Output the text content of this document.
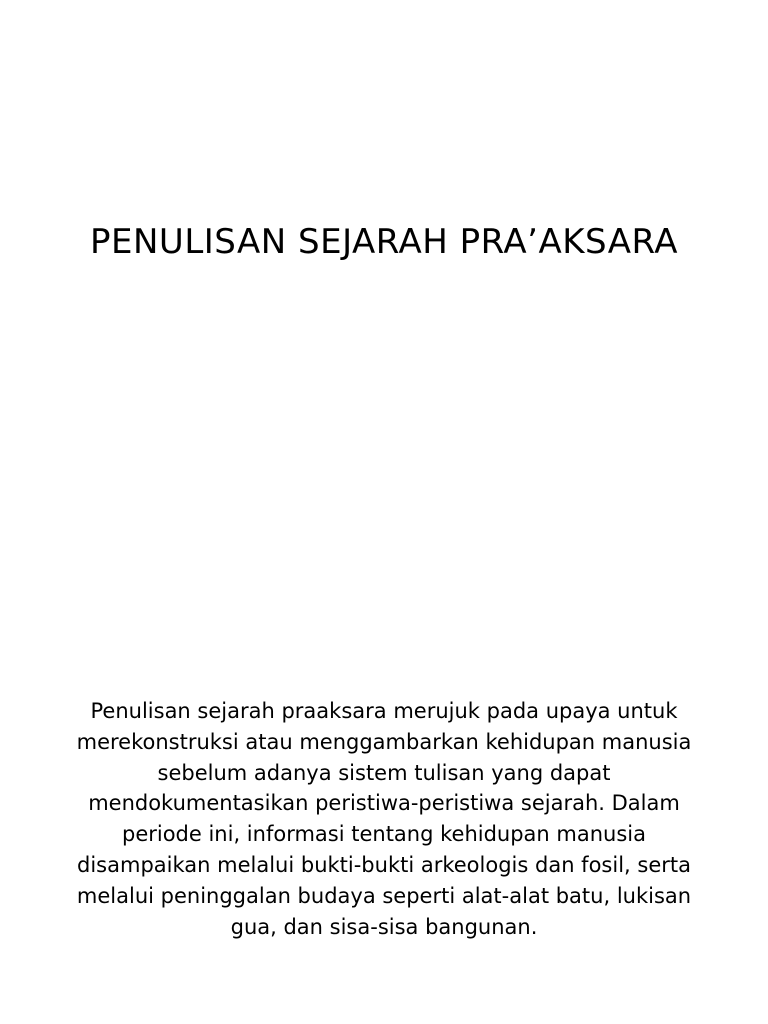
PENULISAN SEJARAH PRA’AKSARA

Penulisan sejarah praaksara merujuk pada upaya untuk merekonstruksi atau menggambarkan kehidupan manusia sebelum adanya sistem tulisan yang dapat mendokumentasikan peristiwa-peristiwa sejarah. Dalam periode ini, informasi tentang kehidupan manusia disampaikan melalui bukti-bukti arkeologis dan fosil, serta melalui peninggalan budaya seperti alat-alat batu, lukisan gua, dan sisa-sisa bangunan.
